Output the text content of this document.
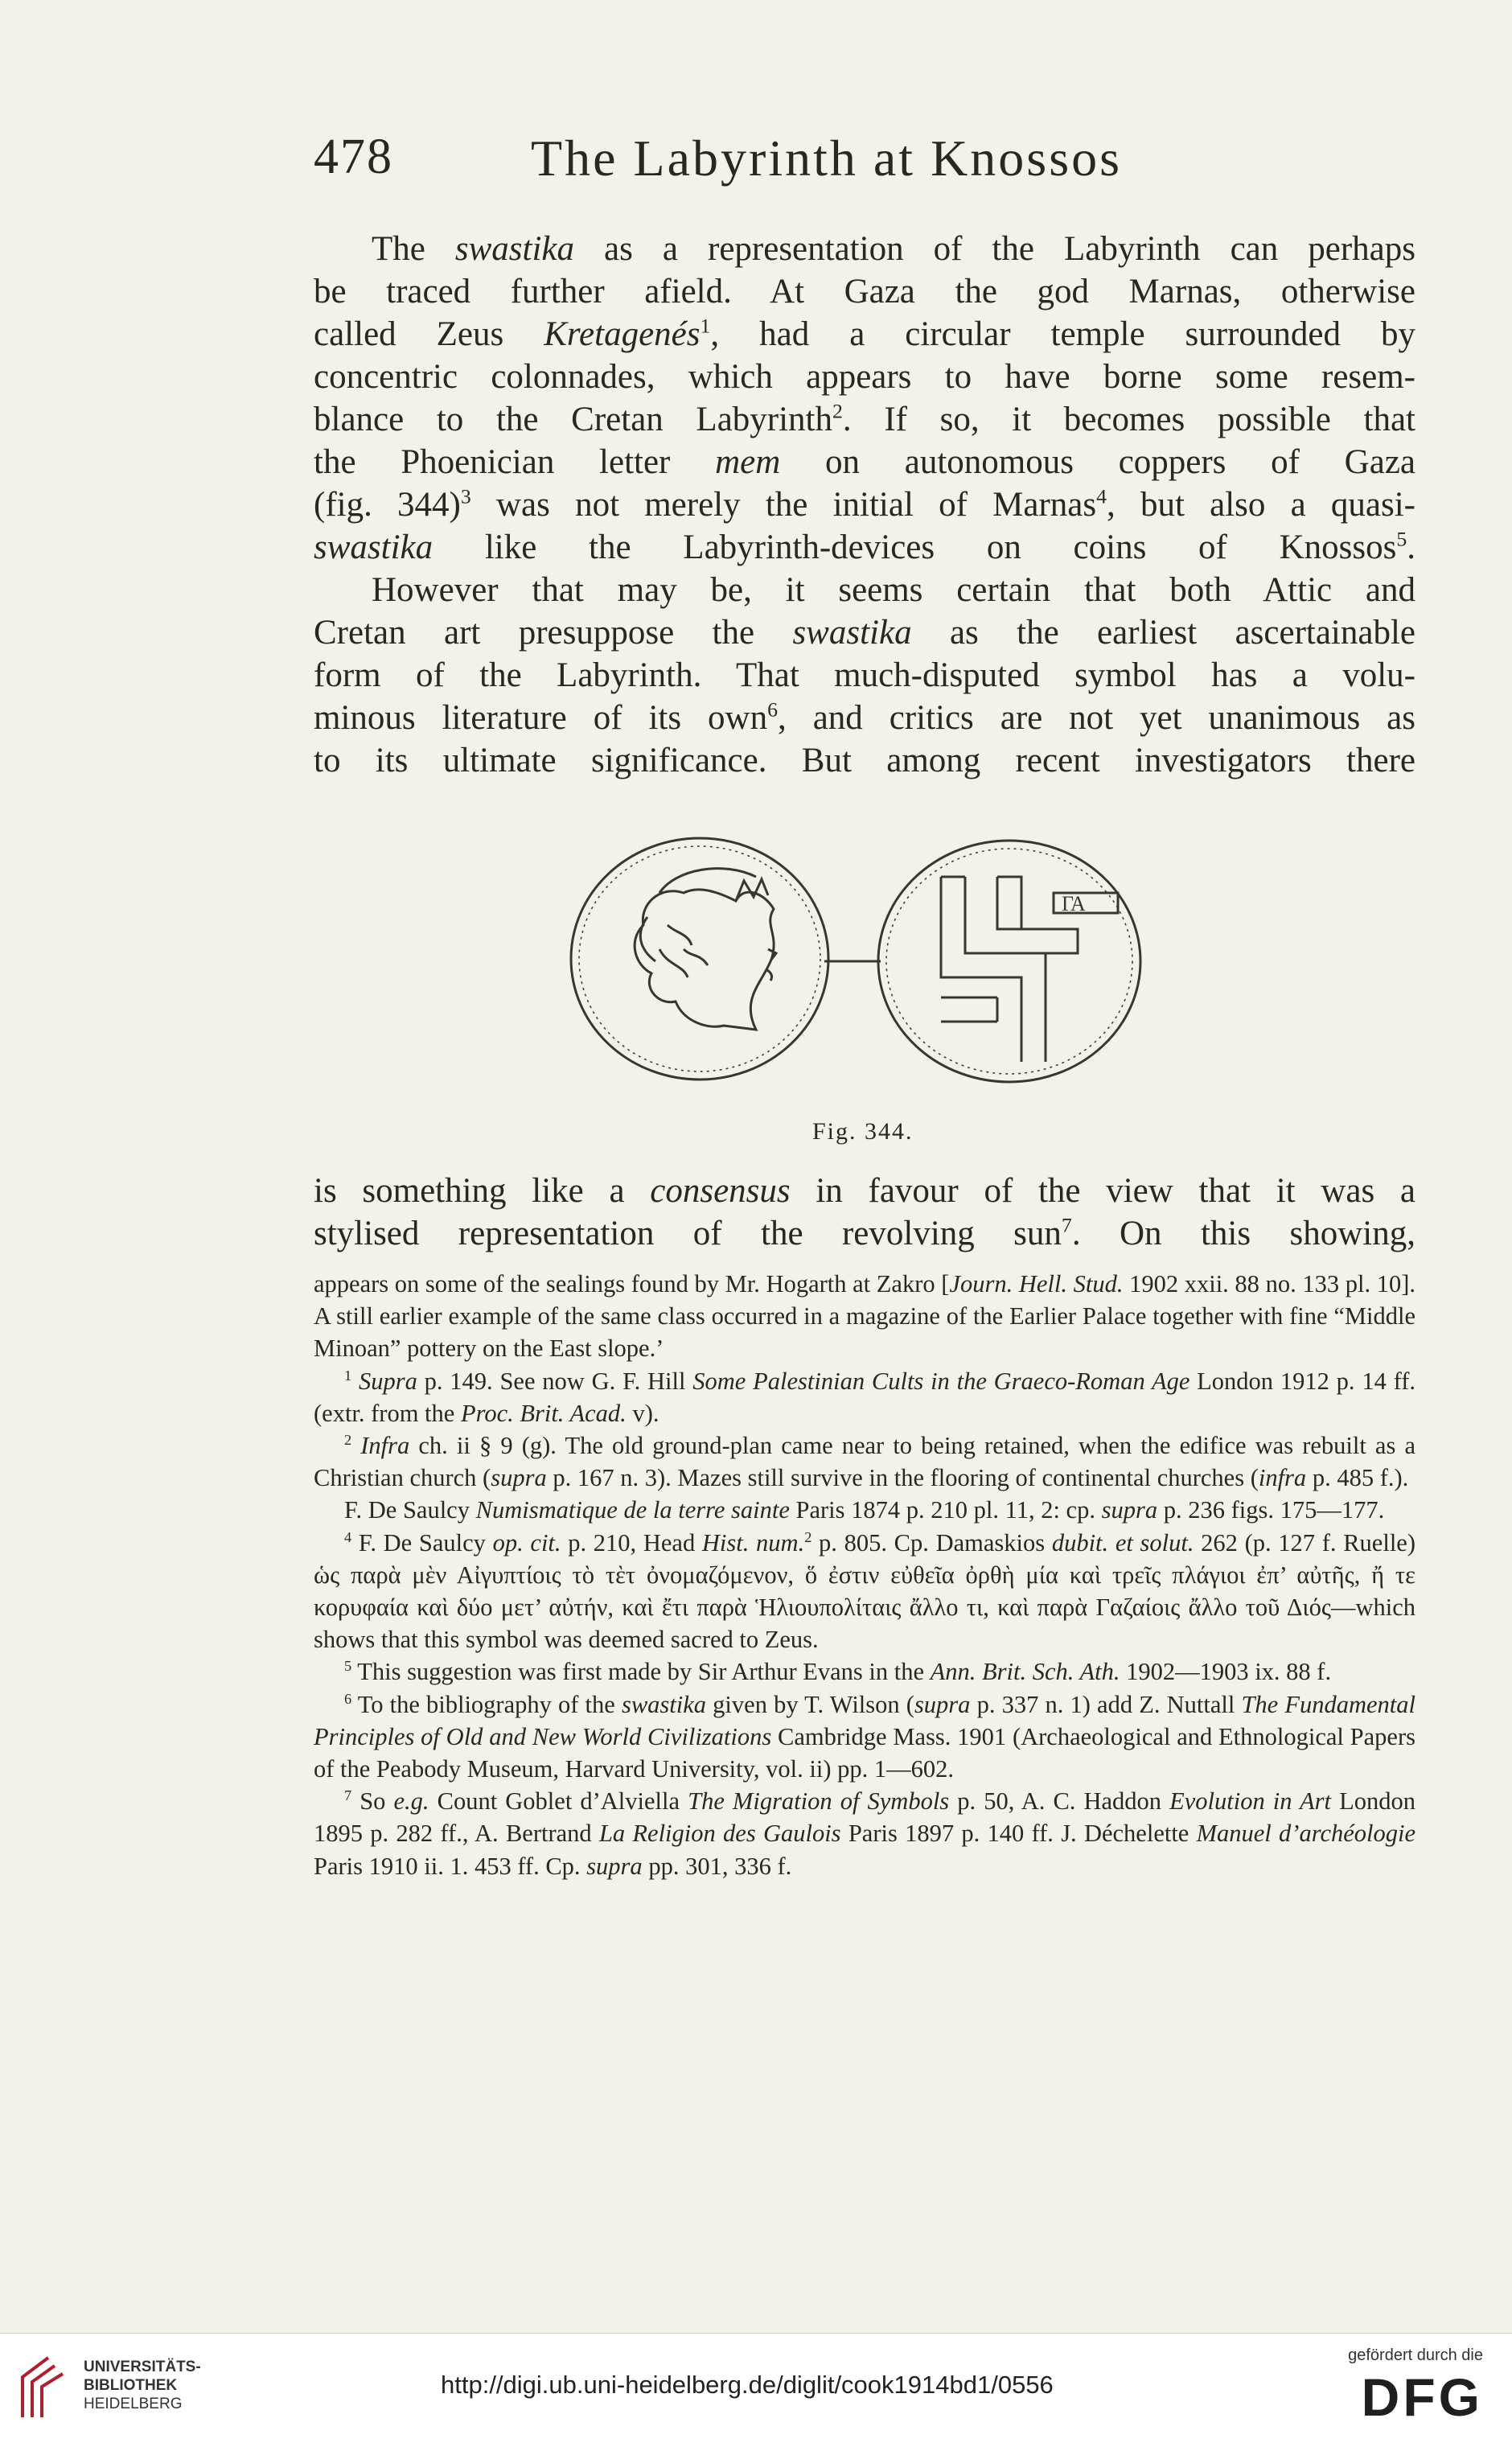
478	The Labyrinth at Knossos
The swastika as a representation of the Labyrinth can perhaps
be traced further afield. At Gaza the god Marnas, otherwise
called Zeus Kretagenés$^1$, had a circular temple surrounded by
concentric colonnades, which appears to have borne some resem-
blance to the Cretan Labyrinth$^2$. If so, it becomes possible that
the Phoenician letter mem on autonomous coppers of Gaza
(fig. 344)$^3$ was not merely the initial of Marnas$^4$, but also a quasi-
swastika like the Labyrinth-devices on coins of Knossos$^5$.
However that may be, it seems certain that both Attic and
Cretan art presuppose the swastika as the earliest ascertainable
form of the Labyrinth. That much-disputed symbol has a volu-
minous literature of its own$^6$, and critics are not yet unanimous as
to its ultimate significance. But among recent investigators there
ΓΑ
Fig. 344.
is something like a consensus in favour of the view that it was a
stylised representation of the revolving sun$^7$. On this showing,

appears on some of the sealings found by Mr. Hogarth at Zakro [Journ. Hell. Stud. 1902 xxii. 88 no. 133 pl. 10]. A still earlier example of the same class occurred in a magazine of the Earlier Palace together with fine “Middle Minoan” pottery on the East slope.’

$^1$ Supra p. 149. See now G. F. Hill Some Palestinian Cults in the Graeco-Roman Age London 1912 p. 14 ff. (extr. from the Proc. Brit. Acad. v).

$^2$ Infra ch. ii § 9 (g). The old ground-plan came near to being retained, when the edifice was rebuilt as a Christian church (supra p. 167 n. 3). Mazes still survive in the flooring of continental churches (infra p. 485 f.).

F. De Saulcy Numismatique de la terre sainte Paris 1874 p. 210 pl. 11, 2: cp. supra p. 236 figs. 175—177.

$^4$ F. De Saulcy op. cit. p. 210, Head Hist. num.$^2$ p. 805. Cp. Damaskios dubit. et solut. 262 (p. 127 f. Ruelle) ὡς παρὰ μὲν Αἰγυπτίοις τὸ τὲτ ὀνομαζόμενον, ὅ ἐστιν εὐθεῖα ὀρθὴ μία καὶ τρεῖς πλάγιοι ἐπ’ αὐτῆς, ἤ τε κορυφαία καὶ δύο μετ’ αὐτήν, καὶ ἔτι παρὰ Ἡλιουπολίταις ἄλλο τι, καὶ παρὰ Γαζαίοις ἄλλο τοῦ Διός—which shows that this symbol was deemed sacred to Zeus.

$^5$ This suggestion was first made by Sir Arthur Evans in the Ann. Brit. Sch. Ath. 1902—1903 ix. 88 f.

$^6$ To the bibliography of the swastika given by T. Wilson (supra p. 337 n. 1) add Z. Nuttall The Fundamental Principles of Old and New World Civilizations Cambridge Mass. 1901 (Archaeological and Ethnological Papers of the Peabody Museum, Harvard University, vol. ii) pp. 1—602.

$^7$ So e.g. Count Goblet d’Alviella The Migration of Symbols p. 50, A. C. Haddon Evolution in Art London 1895 p. 282 ff., A. Bertrand La Religion des Gaulois Paris 1897 p. 140 ff. J. Déchelette Manuel d’archéologie Paris 1910 ii. 1. 453 ff. Cp. supra pp. 301, 336 f.

UNIVERSITÄTS-
BIBLIOTHEK
HEIDELBERG
http://digi.ub.uni-heidelberg.de/diglit/cook1914bd1/0556
gefördert durch die
DFG
